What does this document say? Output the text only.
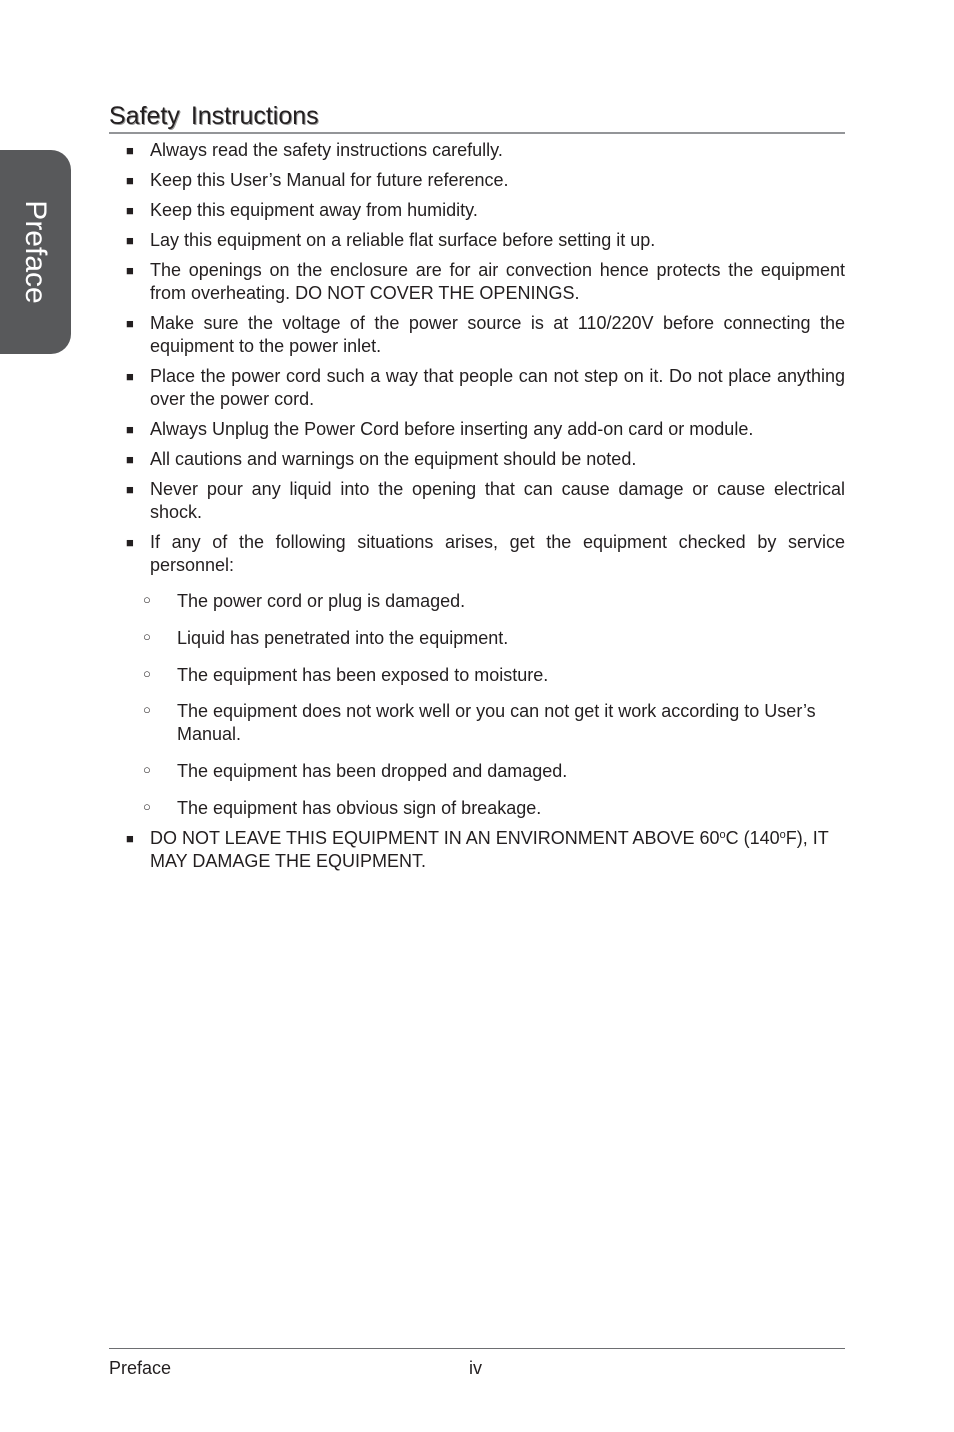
Preface
Safety Instructions
■ Always read the safety instructions carefully.
■ Keep this User’s Manual for future reference.
■ Keep this equipment away from humidity.
■ Lay this equipment on a reliable flat surface before setting it up.
■ The openings on the enclosure are for air convection hence protects the equipment from overheating. DO NOT COVER THE OPENINGS.
■ Make sure the voltage of the power source is at 110/220V before connecting the equipment to the power inlet.
■ Place the power cord such a way that people can not step on it. Do not place anything over the power cord.
■ Always Unplug the Power Cord before inserting any add-on card or module.
■ All cautions and warnings on the equipment should be noted.
■ Never pour any liquid into the opening that can cause damage or cause electrical shock.
■ If any of the following situations arises, get the equipment checked by service personnel:
○ The power cord or plug is damaged.
○ Liquid has penetrated into the equipment.
○ The equipment has been exposed to moisture.
○ The equipment does not work well or you can not get it work according to User’s Manual.
○ The equipment has been dropped and damaged.
○ The equipment has obvious sign of breakage.
■ DO NOT LEAVE THIS EQUIPMENT IN AN ENVIRONMENT ABOVE 60$^o$C (140$^o$F), IT MAY DAMAGE THE EQUIPMENT.
Preface	iv
